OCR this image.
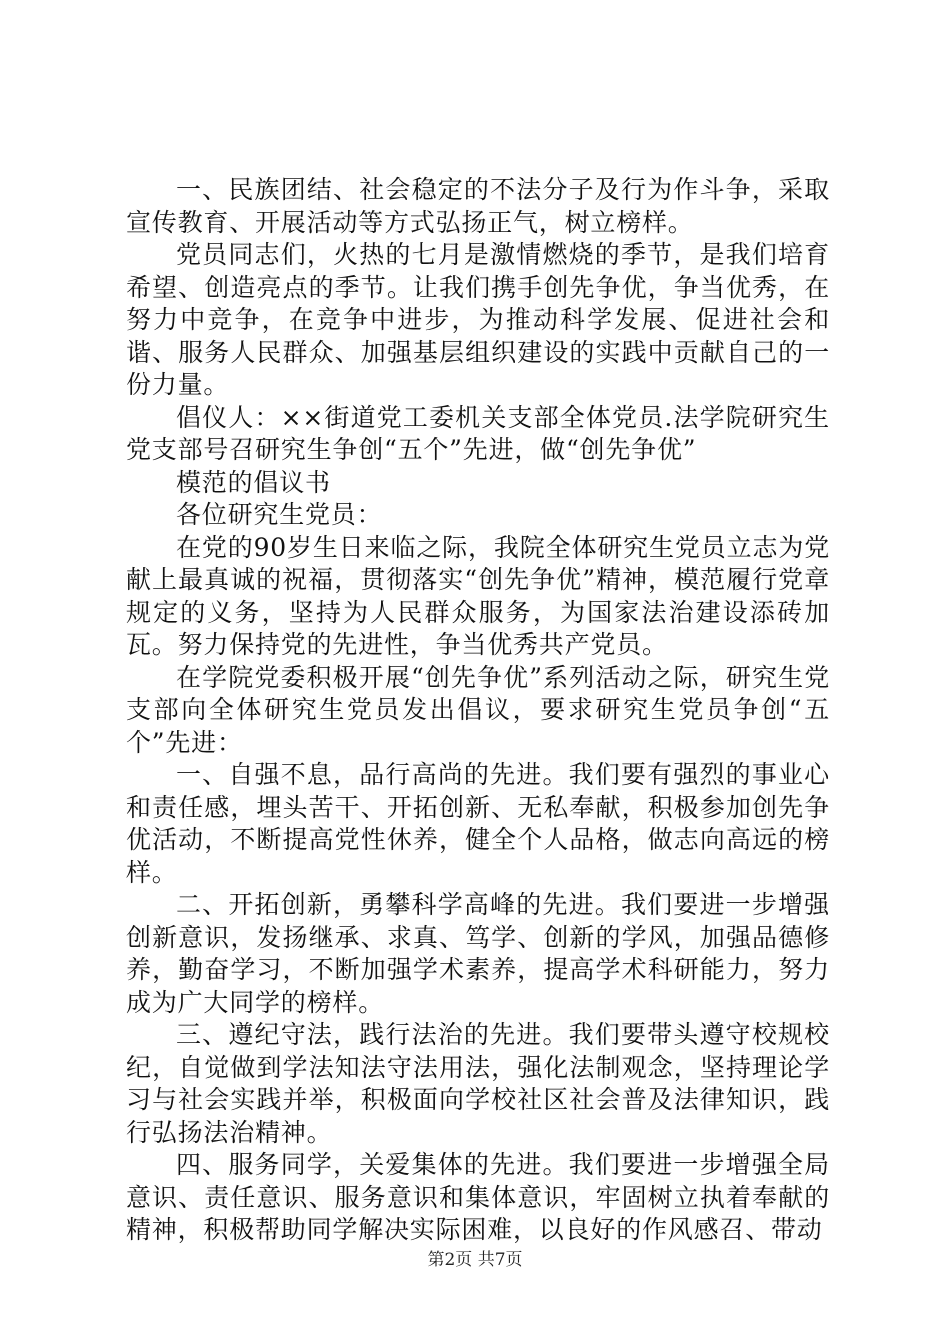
一、民族团结、社会稳定的不法分子及行为作斗争，采取宣传教育、开展活动等方式弘扬正气，树立榜样。

党员同志们，火热的七月是激情燃烧的季节，是我们培育希望、创造亮点的季节。让我们携手创先争优，争当优秀，在努力中竞争，在竞争中进步，为推动科学发展、促进社会和谐、服务人民群众、加强基层组织建设的实践中贡献自己的一份力量。

倡仪人：××街道党工委机关支部全体党员.法学院研究生党支部号召研究生争创“五个”先进，做“创先争优”

模范的倡议书

各位研究生党员：

在党的90岁生日来临之际，我院全体研究生党员立志为党献上最真诚的祝福，贯彻落实“创先争优”精神，模范履行党章规定的义务，坚持为人民群众服务，为国家法治建设添砖加瓦。努力保持党的先进性，争当优秀共产党员。

在学院党委积极开展“创先争优”系列活动之际，研究生党支部向全体研究生党员发出倡议，要求研究生党员争创“五个”先进：

一、自强不息，品行高尚的先进。我们要有强烈的事业心和责任感，埋头苦干、开拓创新、无私奉献，积极参加创先争优活动，不断提高党性休养，健全个人品格，做志向高远的榜样。

二、开拓创新，勇攀科学高峰的先进。我们要进一步增强创新意识，发扬继承、求真、笃学、创新的学风，加强品德修养，勤奋学习，不断加强学术素养，提高学术科研能力，努力成为广大同学的榜样。

三、遵纪守法，践行法治的先进。我们要带头遵守校规校纪，自觉做到学法知法守法用法，强化法制观念，坚持理论学习与社会实践并举，积极面向学校社区社会普及法律知识，践行弘扬法治精神。

四、服务同学，关爱集体的先进。我们要进一步增强全局意识、责任意识、服务意识和集体意识，牢固树立执着奉献的精神，积极帮助同学解决实际困难，以良好的作风感召、带动

第2页 共7页
